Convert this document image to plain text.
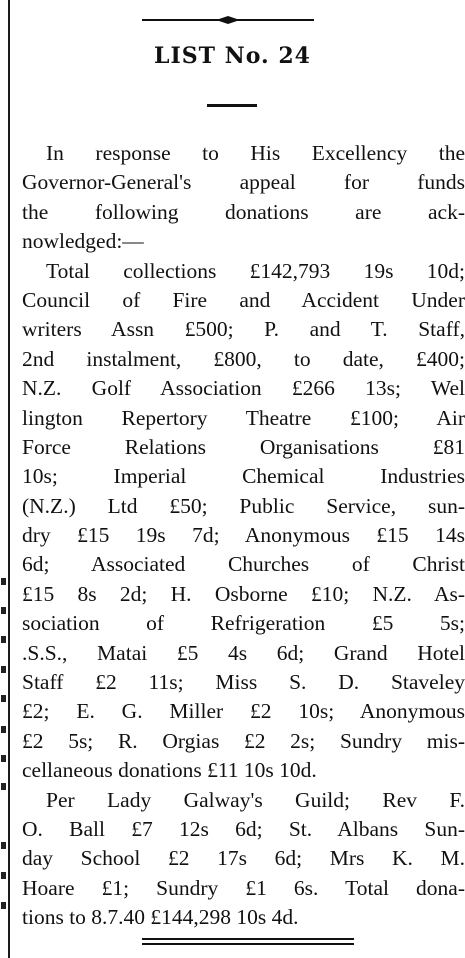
LIST No. 24
In response to His Excellency the
Governor-General's appeal for funds
the following donations are ack-
nowledged:—
Total collections £142,793 19s 10d;
Council of Fire and Accident Under
writers Assn £500; P. and T. Staff,
2nd instalment, £800, to date, £400;
N.Z. Golf Association £266 13s; Wel
lington Repertory Theatre £100; Air
Force Relations Organisations £81
10s; Imperial Chemical Industries
(N.Z.) Ltd £50; Public Service, sun-
dry £15 19s 7d; Anonymous £15 14s
6d; Associated Churches of Christ
£15 8s 2d; H. Osborne £10; N.Z. As-
sociation of Refrigeration £5 5s;
.S.S., Matai £5 4s 6d; Grand Hotel
Staff £2 11s; Miss S. D. Staveley
£2; E. G. Miller £2 10s; Anonymous
£2 5s; R. Orgias £2 2s; Sundry mis-
cellaneous donations £11 10s 10d.
Per Lady Galway's Guild; Rev F.
O. Ball £7 12s 6d; St. Albans Sun-
day School £2 17s 6d; Mrs K. M.
Hoare £1; Sundry £1 6s. Total dona-
tions to 8.7.40 £144,298 10s 4d.
